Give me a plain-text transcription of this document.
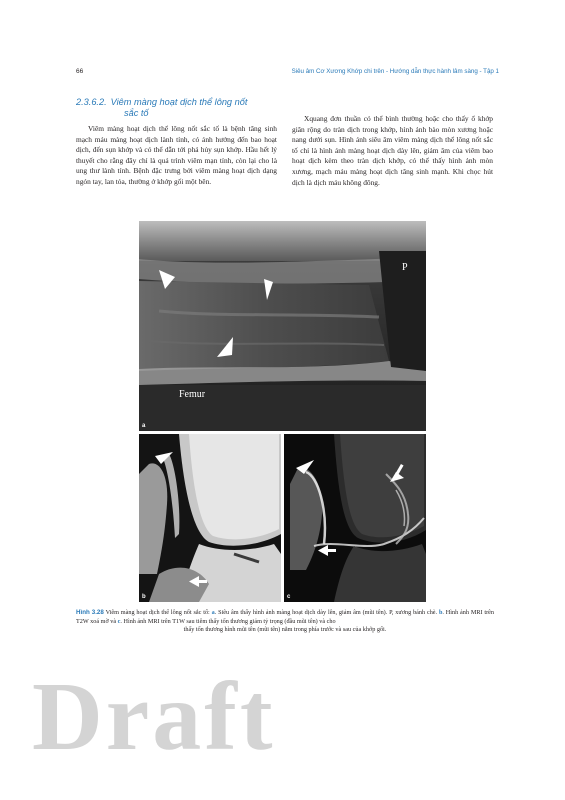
66	Siêu âm Cơ Xương Khớp chi trên - Hướng dẫn thực hành lâm sàng - Tập 1
2.3.6.2. Viêm màng hoạt dịch thể lông nốt
sắc tố

Viêm màng hoạt dịch thể lông nốt sắc tố là bệnh tăng sinh mạch máu màng hoạt dịch lành tính, có ảnh hưởng đến bao hoạt dịch, đến sụn khớp và có thể dẫn tới phá hủy sụn khớp. Hầu hết lý thuyết cho rằng đây chỉ là quá trình viêm mạn tính, còn lại cho là ung thư lành tính. Bệnh đặc trưng bởi viêm màng hoạt dịch dạng ngón tay, lan tỏa, thường ở khớp gối một bên.

Xquang đơn thuần có thể bình thường hoặc cho thấy ổ khớp giãn rộng do tràn dịch trong khớp, hình ảnh bào mòn xương hoặc nang dưới sụn. Hình ảnh siêu âm viêm màng dịch thể lông nốt sắc tố chỉ là hình ảnh màng hoạt dịch dày lên, giảm âm của viêm bao hoạt dịch kèm theo tràn dịch khớp, có thể thấy hình ảnh mòn xương, mạch máu màng hoạt dịch tăng sinh mạnh. Khi chọc hút dịch là dịch máu không đông.

Femur
P
a
b	c
Hình 3.28 Viêm màng hoạt dịch thể lông nốt sắc tố: a. Siêu âm thấy hình ảnh màng hoạt dịch dày lên, giảm âm (mũi tên). P, xương bánh chè. b. Hình ảnh MRI trên T2W xoá mỡ và c. Hình ảnh MRI trên T1W sau tiêm thấy tổn thương giảm tỷ trọng (đầu mũi tên) và cho
thấy tổn thương hình mũi tên (mũi tên) nằm trong phía trước và sau của khớp gối.
Draft
